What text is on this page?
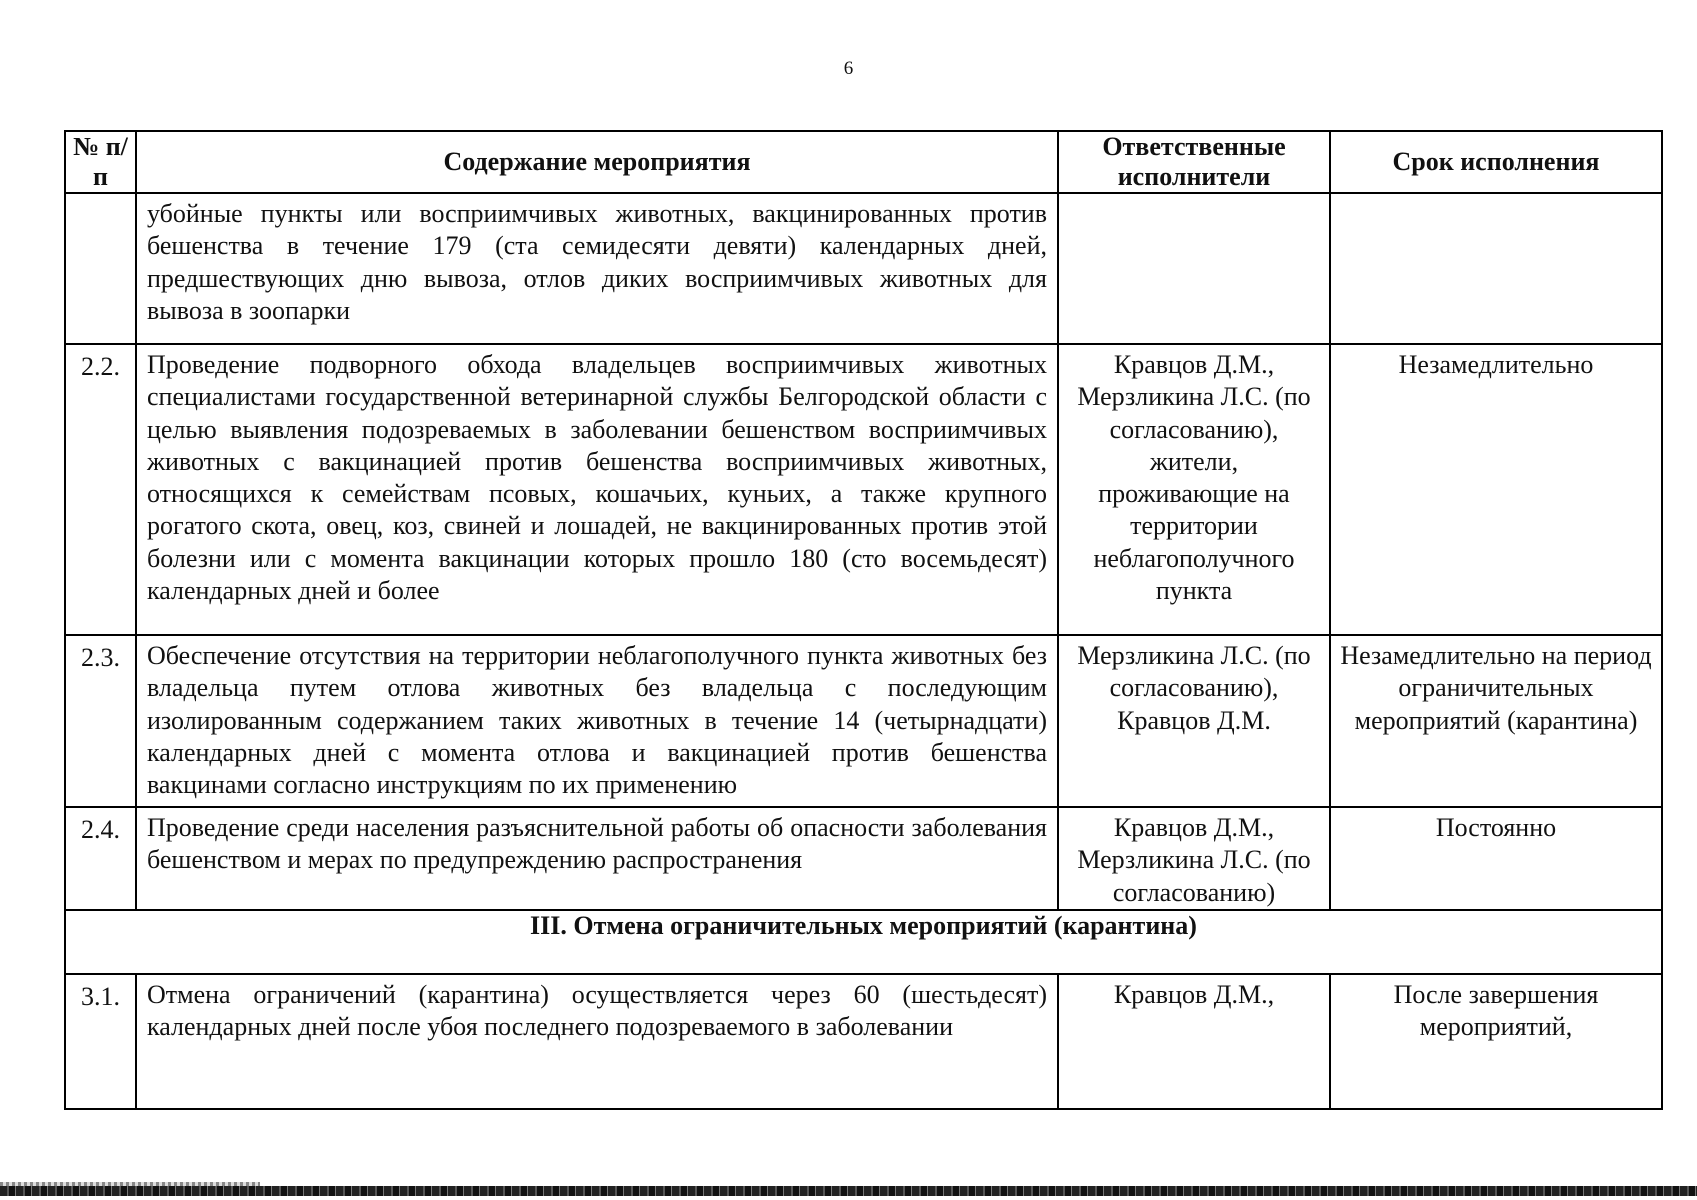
6
№ п/п	Содержание мероприятия	Ответственные исполнители	Срок исполнения
	убойные пункты или восприимчивых животных, вакцинированных против бешенства в течение 179 (ста семидесяти девяти) календарных дней, предшествующих дню вывоза, отлов диких восприимчивых животных для вывоза в зоопарки		
2.2.	Проведение подворного обхода владельцев восприимчивых животных специалистами государственной ветеринарной службы Белгородской области с целью выявления подозреваемых в заболевании бешенством восприимчивых животных с вакцинацией против бешенства восприимчивых животных, относящихся к семействам псовых, кошачьих, куньих, а также крупного рогатого скота, овец, коз, свиней и лошадей, не вакцинированных против этой болезни или с момента вакцинации которых прошло 180 (сто восемьдесят) календарных дней и более	Кравцов Д.М., Мерзликина Л.С. (по согласованию), жители, проживающие на территории неблагополучного пункта	Незамедлительно
2.3.	Обеспечение отсутствия на территории неблагополучного пункта животных без владельца путем отлова животных без владельца с последующим изолированным содержанием таких животных в течение 14 (четырнадцати) календарных дней с момента отлова и вакцинацией против бешенства вакцинами согласно инструкциям по их применению	Мерзликина Л.С. (по согласованию), Кравцов Д.М.	Незамедлительно на период ограничительных мероприятий (карантина)
2.4.	Проведение среди населения разъяснительной работы об опасности заболевания бешенством и мерах по предупреждению распространения	Кравцов Д.М., Мерзликина Л.С. (по согласованию)	Постоянно
III. Отмена ограничительных мероприятий (карантина)			
3.1.	Отмена ограничений (карантина) осуществляется через 60 (шестьдесят) календарных дней после убоя последнего подозреваемого в заболевании	Кравцов Д.М.,	После завершения мероприятий,
